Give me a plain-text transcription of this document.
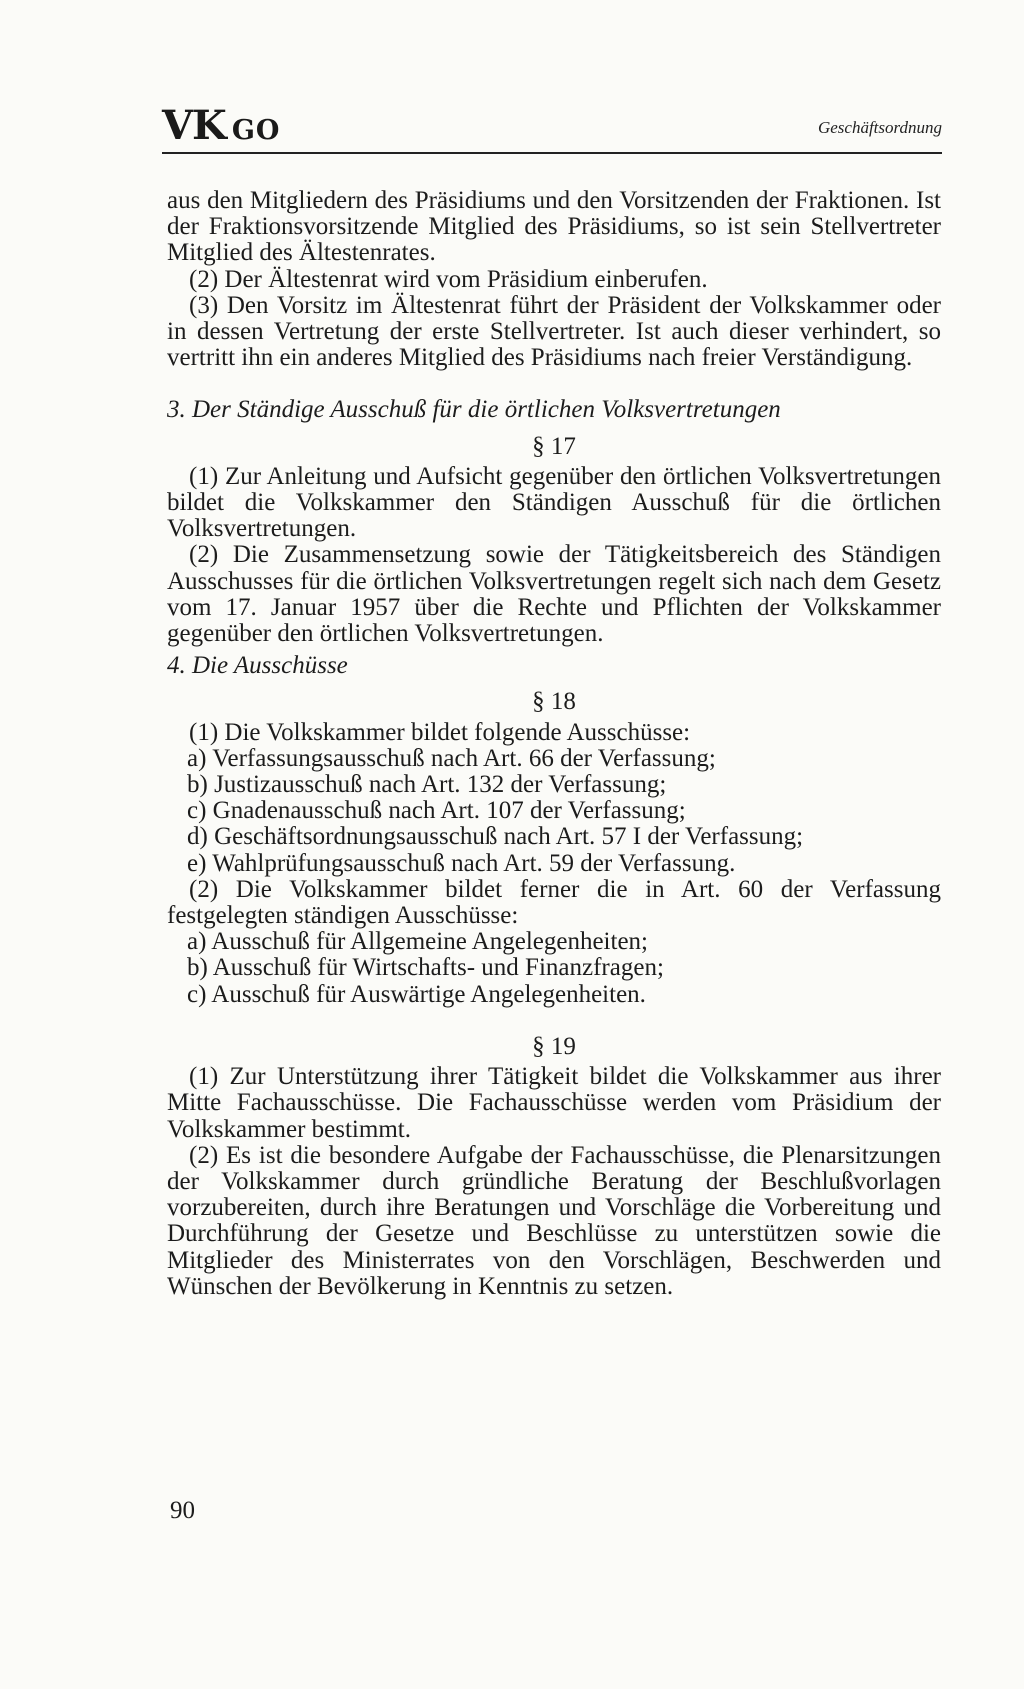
VK GO	Geschäftsordnung

aus den Mitgliedern des Präsidiums und den Vorsitzenden der Fraktionen. Ist der Fraktionsvorsitzende Mitglied des Präsidiums, so ist sein Stellvertreter Mitglied des Ältestenrates.

(2) Der Ältestenrat wird vom Präsidium einberufen.

(3) Den Vorsitz im Ältestenrat führt der Präsident der Volkskammer oder in dessen Vertretung der erste Stellvertreter. Ist auch dieser verhindert, so vertritt ihn ein anderes Mitglied des Präsidiums nach freier Verständigung.

3. Der Ständige Ausschuß für die örtlichen Volksvertretungen

§ 17

(1) Zur Anleitung und Aufsicht gegenüber den örtlichen Volksvertretungen bildet die Volkskammer den Ständigen Ausschuß für die örtlichen Volksvertretungen.

(2) Die Zusammensetzung sowie der Tätigkeitsbereich des Ständigen Ausschusses für die örtlichen Volksvertretungen regelt sich nach dem Gesetz vom 17. Januar 1957 über die Rechte und Pflichten der Volkskammer gegenüber den örtlichen Volksvertretungen.

4. Die Ausschüsse

§ 18

(1) Die Volkskammer bildet folgende Ausschüsse:

a) Verfassungsausschuß nach Art. 66 der Verfassung;

b) Justizausschuß nach Art. 132 der Verfassung;

c) Gnadenausschuß nach Art. 107 der Verfassung;

d) Geschäftsordnungsausschuß nach Art. 57 I der Verfassung;

e) Wahlprüfungsausschuß nach Art. 59 der Verfassung.

(2) Die Volkskammer bildet ferner die in Art. 60 der Verfassung festgelegten ständigen Ausschüsse:

a) Ausschuß für Allgemeine Angelegenheiten;

b) Ausschuß für Wirtschafts- und Finanzfragen;

c) Ausschuß für Auswärtige Angelegenheiten.

§ 19

(1) Zur Unterstützung ihrer Tätigkeit bildet die Volkskammer aus ihrer Mitte Fachausschüsse. Die Fachausschüsse werden vom Präsidium der Volkskammer bestimmt.

(2) Es ist die besondere Aufgabe der Fachausschüsse, die Plenarsitzungen der Volkskammer durch gründliche Beratung der Beschlußvorlagen vorzubereiten, durch ihre Beratungen und Vorschläge die Vorbereitung und Durchführung der Gesetze und Beschlüsse zu unterstützen sowie die Mitglieder des Ministerrates von den Vorschlägen, Beschwerden und Wünschen der Bevölkerung in Kenntnis zu setzen.

90
